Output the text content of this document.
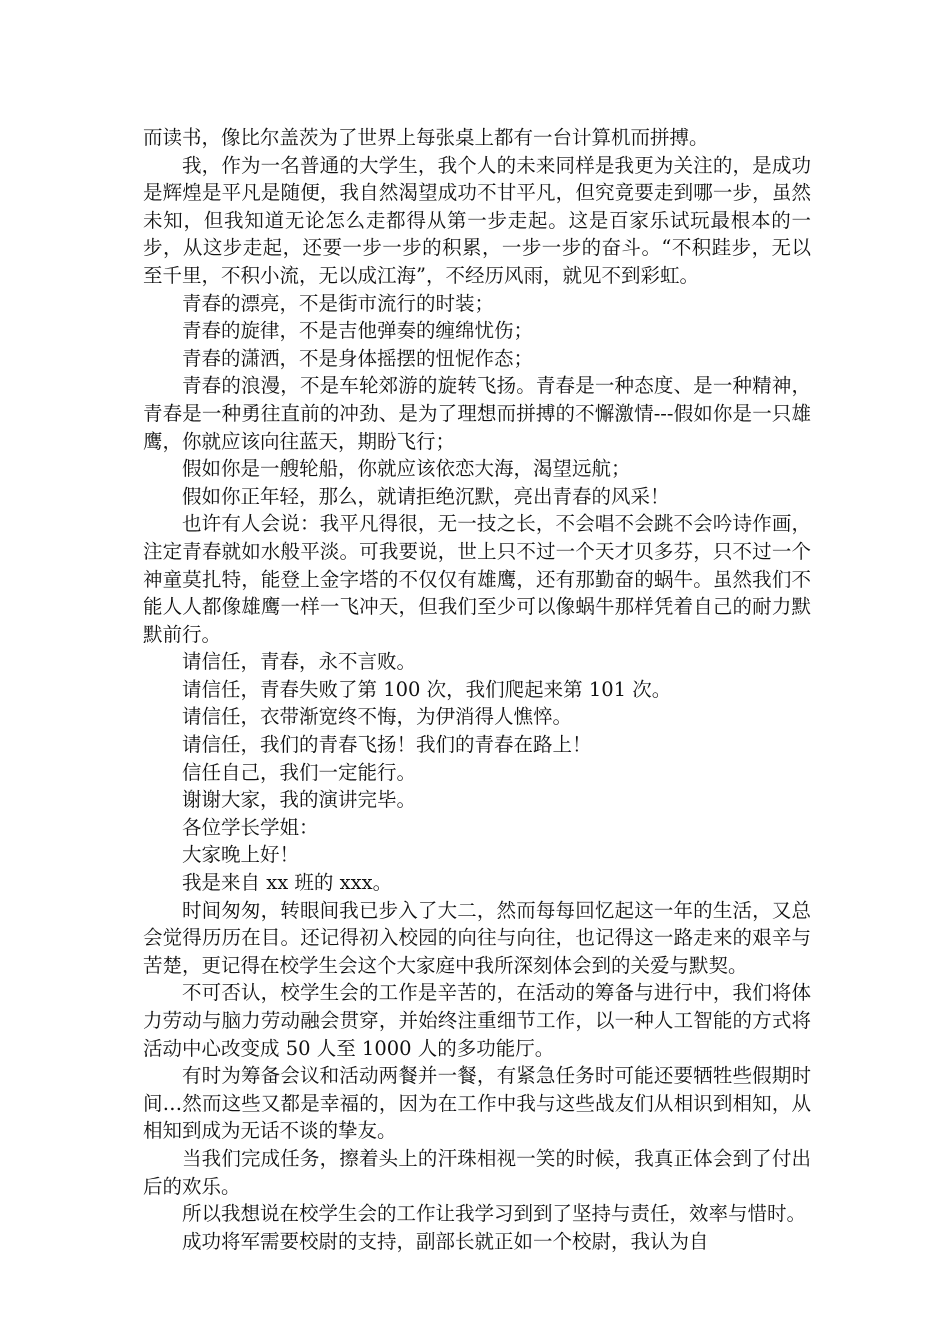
而读书，像比尔盖茨为了世界上每张桌上都有一台计算机而拼搏。

我，作为一名普通的大学生，我个人的未来同样是我更为关注的，是成功是辉煌是平凡是随便，我自然渴望成功不甘平凡，但究竟要走到哪一步，虽然未知，但我知道无论怎么走都得从第一步走起。这是百家乐试玩最根本的一步，从这步走起，还要一步一步的积累，一步一步的奋斗。“不积跬步，无以至千里，不积小流，无以成江海”，不经历风雨，就见不到彩虹。

青春的漂亮，不是街市流行的时装；

青春的旋律，不是吉他弹奏的缠绵忧伤；

青春的潇洒，不是身体摇摆的忸怩作态；

青春的浪漫，不是车轮郊游的旋转飞扬。青春是一种态度、是一种精神，青春是一种勇往直前的冲劲、是为了理想而拼搏的不懈激情---假如你是一只雄鹰，你就应该向往蓝天，期盼飞行；

假如你是一艘轮船，你就应该依恋大海，渴望远航；

假如你正年轻，那么，就请拒绝沉默，亮出青春的风采！

也许有人会说：我平凡得很，无一技之长，不会唱不会跳不会吟诗作画，注定青春就如水般平淡。可我要说，世上只不过一个天才贝多芬，只不过一个神童莫扎特，能登上金字塔的不仅仅有雄鹰，还有那勤奋的蜗牛。虽然我们不能人人都像雄鹰一样一飞冲天，但我们至少可以像蜗牛那样凭着自己的耐力默默前行。

请信任，青春，永不言败。

请信任，青春失败了第 100 次，我们爬起来第 101 次。

请信任，衣带渐宽终不悔，为伊消得人憔悴。

请信任，我们的青春飞扬！我们的青春在路上！

信任自己，我们一定能行。

谢谢大家，我的演讲完毕。

各位学长学姐：

大家晚上好！

我是来自 xx 班的 xxx。

时间匆匆，转眼间我已步入了大二，然而每每回忆起这一年的生活，又总会觉得历历在目。还记得初入校园的向往与向往，也记得这一路走来的艰辛与苦楚，更记得在校学生会这个大家庭中我所深刻体会到的关爱与默契。

不可否认，校学生会的工作是辛苦的，在活动的筹备与进行中，我们将体力劳动与脑力劳动融会贯穿，并始终注重细节工作，以一种人工智能的方式将活动中心改变成 50 人至 1000 人的多功能厅。

有时为筹备会议和活动两餐并一餐，有紧急任务时可能还要牺牲些假期时间…然而这些又都是幸福的，因为在工作中我与这些战友们从相识到相知，从相知到成为无话不谈的挚友。

当我们完成任务，擦着头上的汗珠相视一笑的时候，我真正体会到了付出后的欢乐。

所以我想说在校学生会的工作让我学习到到了坚持与责任，效率与惜时。

成功将军需要校尉的支持，副部长就正如一个校尉，我认为自
